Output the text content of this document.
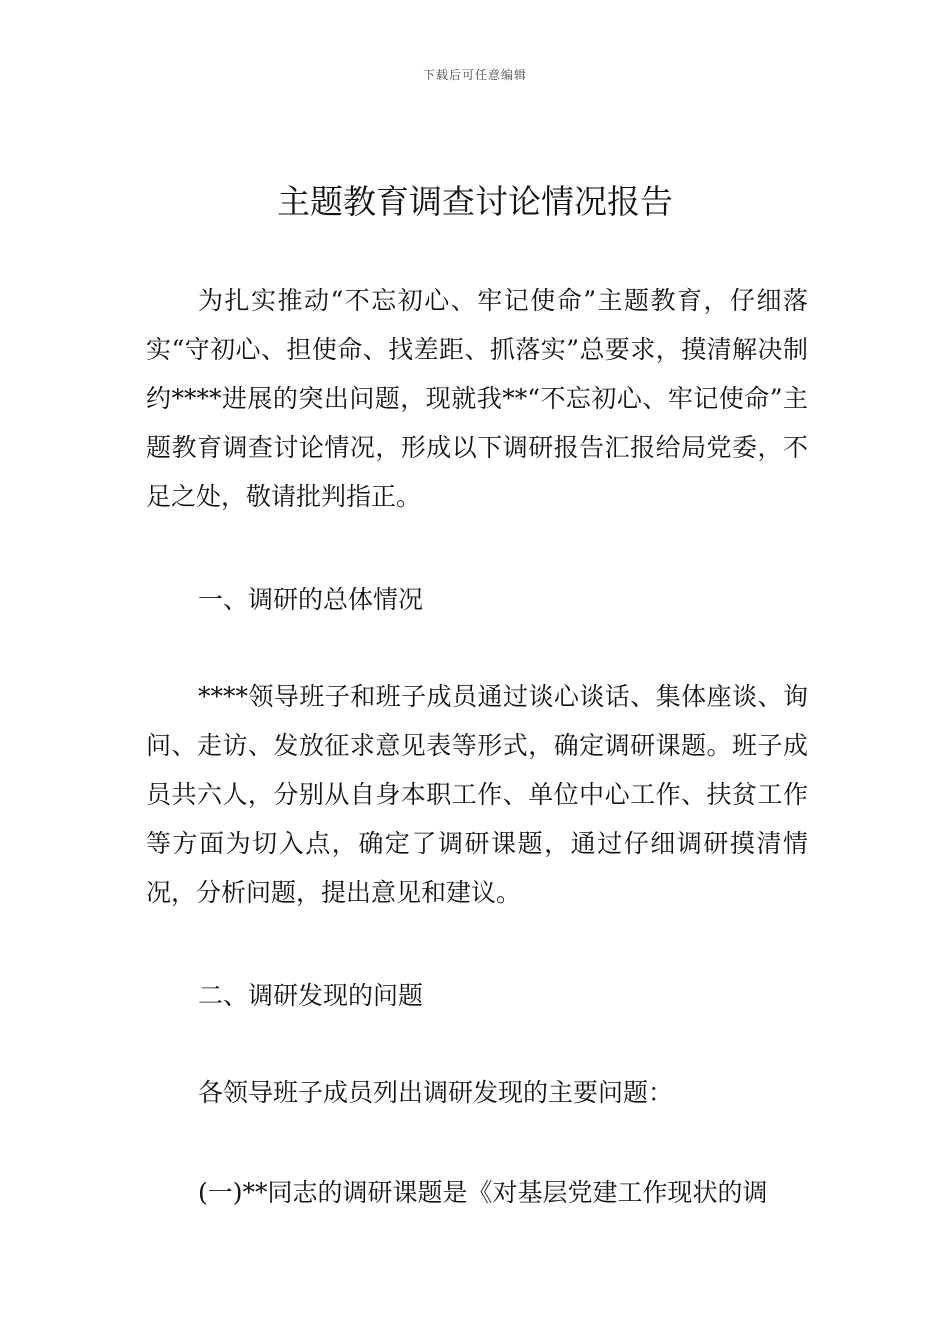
下载后可任意编辑
主题教育调查讨论情况报告

为扎实推动“不忘初心、牢记使命”主题教育，仔细落实“守初心、担使命、找差距、抓落实”总要求，摸清解决制约****进展的突出问题，现就我**“不忘初心、牢记使命”主题教育调查讨论情况，形成以下调研报告汇报给局党委，不足之处，敬请批判指正。

一、调研的总体情况

****领导班子和班子成员通过谈心谈话、集体座谈、询问、走访、发放征求意见表等形式，确定调研课题。班子成员共六人，分别从自身本职工作、单位中心工作、扶贫工作等方面为切入点，确定了调研课题，通过仔细调研摸清情况，分析问题，提出意见和建议。

二、调研发现的问题

各领导班子成员列出调研发现的主要问题：

(一)**同志的调研课题是《对基层党建工作现状的调
